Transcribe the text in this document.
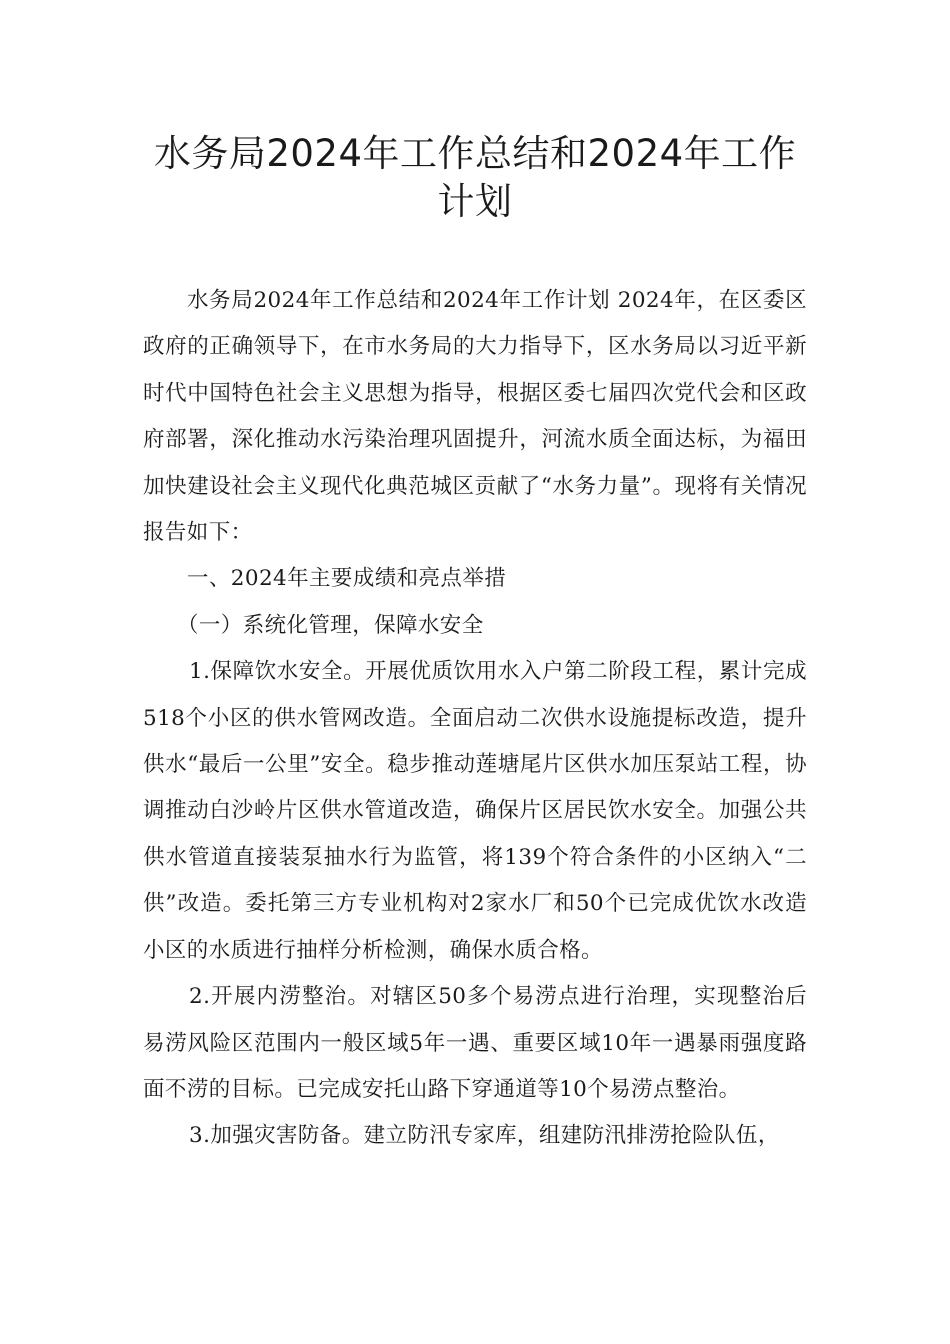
水务局2024年工作总结和2024年工作
计划

水务局2024年工作总结和2024年工作计划 2024年，在区委区政府的正确领导下，在市水务局的大力指导下，区水务局以习近平新时代中国特色社会主义思想为指导，根据区委七届四次党代会和区政府部署，深化推动水污染治理巩固提升，河流水质全面达标，为福田加快建设社会主义现代化典范城区贡献了“水务力量”。现将有关情况报告如下：

一、2024年主要成绩和亮点举措

（一）系统化管理，保障水安全

1.保障饮水安全。开展优质饮用水入户第二阶段工程，累计完成518个小区的供水管网改造。全面启动二次供水设施提标改造，提升供水“最后一公里”安全。稳步推动莲塘尾片区供水加压泵站工程，协调推动白沙岭片区供水管道改造，确保片区居民饮水安全。加强公共供水管道直接装泵抽水行为监管，将139个符合条件的小区纳入“二供”改造。委托第三方专业机构对2家水厂和50个已完成优饮水改造小区的水质进行抽样分析检测，确保水质合格。

2.开展内涝整治。对辖区50多个易涝点进行治理，实现整治后易涝风险区范围内一般区域5年一遇、重要区域10年一遇暴雨强度路面不涝的目标。已完成安托山路下穿通道等10个易涝点整治。

3.加强灾害防备。建立防汛专家库，组建防汛排涝抢险队伍，
